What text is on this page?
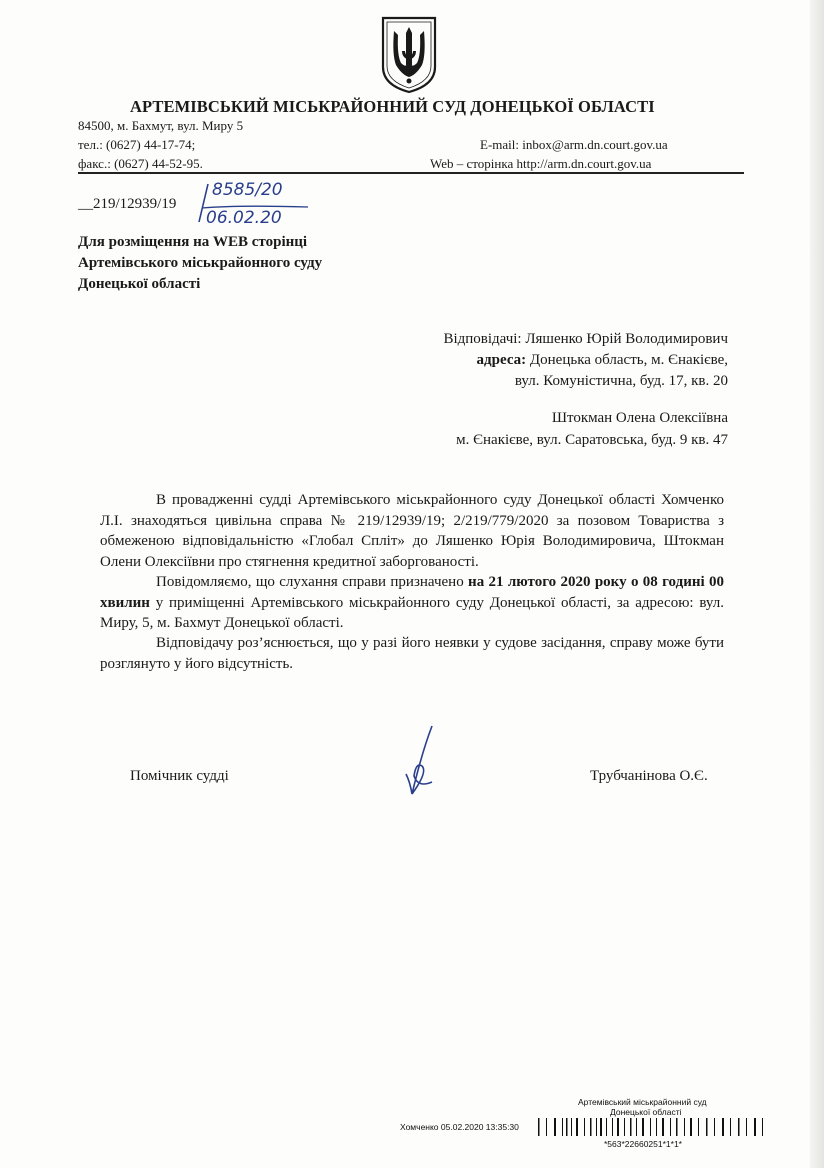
АРТЕМІВСЬКИЙ МІСЬКРАЙОННИЙ СУД ДОНЕЦЬКОЇ ОБЛАСТІ
84500, м. Бахмут, вул. Миру 5
тел.: (0627) 44-17-74;
факс.: (0627) 44-52-95.
E-mail: inbox@arm.dn.court.gov.ua
Web – сторінка http://arm.dn.court.gov.ua
__219/12939/19
8585/20
06.02.20
Для розміщення на WEB сторінці
Артемівського міськрайонного суду
Донецької області
Відповідачі: Ляшенко Юрій Володимирович
адреса: Донецька область, м. Єнакієве,
вул. Комуністична, буд. 17, кв. 20
Штокман Олена Олексіївна
м. Єнакієве, вул. Саратовська, буд. 9 кв. 47
В провадженні судді Артемівського міськрайонного суду Донецької області Хомченко Л.І. знаходяться цивільна справа № 219/12939/19; 2/219/779/2020 за позовом Товариства з обмеженою відповідальністю «Глобал Спліт» до Ляшенко Юрія Володимировича, Штокман Олени Олексіївни про стягнення кредитної заборгованості.
Повідомляємо, що слухання справи призначено на 21 лютого 2020 року о 08 годині 00 хвилин у приміщенні Артемівського міськрайонного суду Донецької області, за адресою: вул. Миру, 5, м. Бахмут Донецької області.
Відповідачу роз’яснюється, що у разі його неявки у судове засідання, справу може бути розглянуто у його відсутність.
Помічник судді	Трубчанінова О.Є.
Артемівський міськрайонний суд
Донецької області
Хомченко 05.02.2020 13:35:30
*563*22660251*1*1*
